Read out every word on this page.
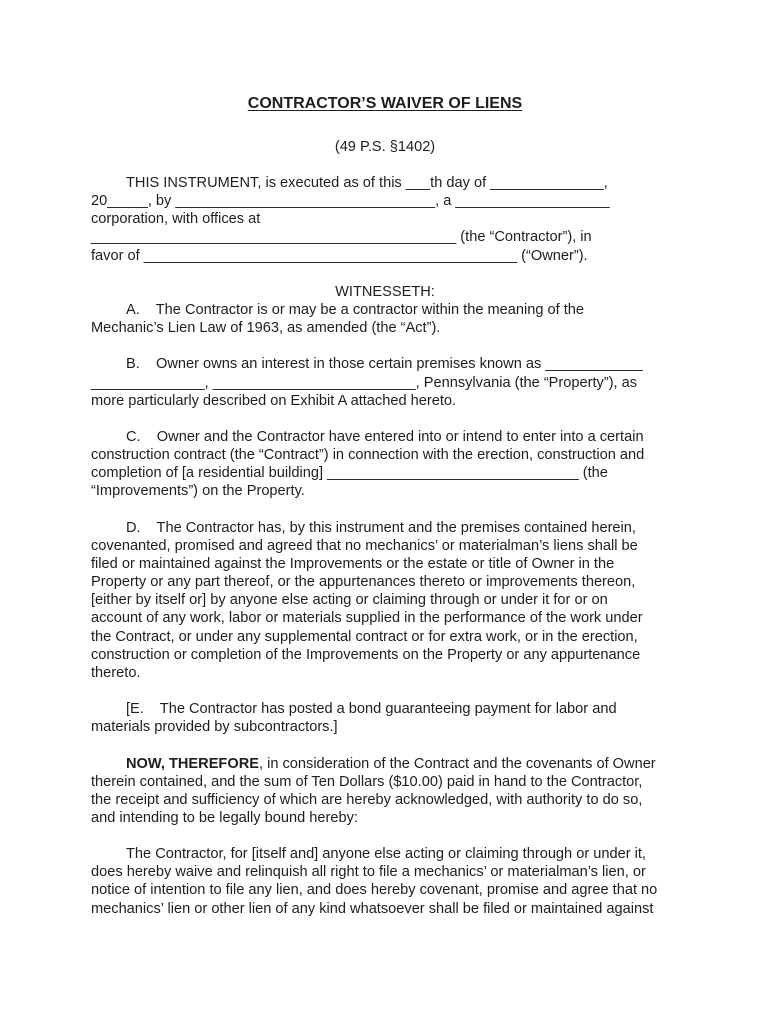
CONTRACTOR’S WAIVER OF LIENS
(49 P.S. §1402)
THIS INSTRUMENT, is executed as of this ___th day of ______________,
20_____, by ________________________________, a ___________________
corporation, with offices at
_____________________________________________ (the “Contractor”), in
favor of ______________________________________________ (“Owner”).
WITNESSETH:
A.    The Contractor is or may be a contractor within the meaning of the
Mechanic’s Lien Law of 1963, as amended (the “Act”).
B.    Owner owns an interest in those certain premises known as ____________
______________, _________________________, Pennsylvania (the “Property”), as
more particularly described on Exhibit A attached hereto.
C.    Owner and the Contractor have entered into or intend to enter into a certain
construction contract (the “Contract”) in connection with the erection, construction and
completion of [a residential building] _______________________________ (the
“Improvements”) on the Property.
D.    The Contractor has, by this instrument and the premises contained herein,
covenanted, promised and agreed that no mechanics’ or materialman’s liens shall be
filed or maintained against the Improvements or the estate or title of Owner in the
Property or any part thereof, or the appurtenances thereto or improvements thereon,
[either by itself or] by anyone else acting or claiming through or under it for or on
account of any work, labor or materials supplied in the performance of the work under
the Contract, or under any supplemental contract or for extra work, or in the erection,
construction or completion of the Improvements on the Property or any appurtenance
thereto.
[E.    The Contractor has posted a bond guaranteeing payment for labor and
materials provided by subcontractors.]
NOW, THEREFORE, in consideration of the Contract and the covenants of Owner
therein contained, and the sum of Ten Dollars ($10.00) paid in hand to the Contractor,
the receipt and sufficiency of which are hereby acknowledged, with authority to do so,
and intending to be legally bound hereby:
The Contractor, for [itself and] anyone else acting or claiming through or under it,
does hereby waive and relinquish all right to file a mechanics’ or materialman’s lien, or
notice of intention to file any lien, and does hereby covenant, promise and agree that no
mechanics’ lien or other lien of any kind whatsoever shall be filed or maintained against
